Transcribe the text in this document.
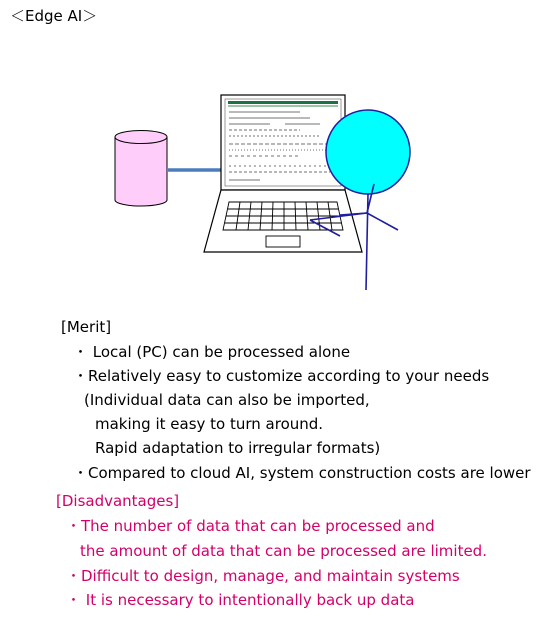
＜Edge AI＞
[Merit]
・ Local (PC) can be processed alone
・Relatively easy to customize according to your needs
(Individual data can also be imported,
making it easy to turn around.
Rapid adaptation to irregular formats)
・Compared to cloud AI, system construction costs are lower
[Disadvantages]
・The number of data that can be processed and
the amount of data that can be processed are limited.
・Difficult to design, manage, and maintain systems
・ It is necessary to intentionally back up data
